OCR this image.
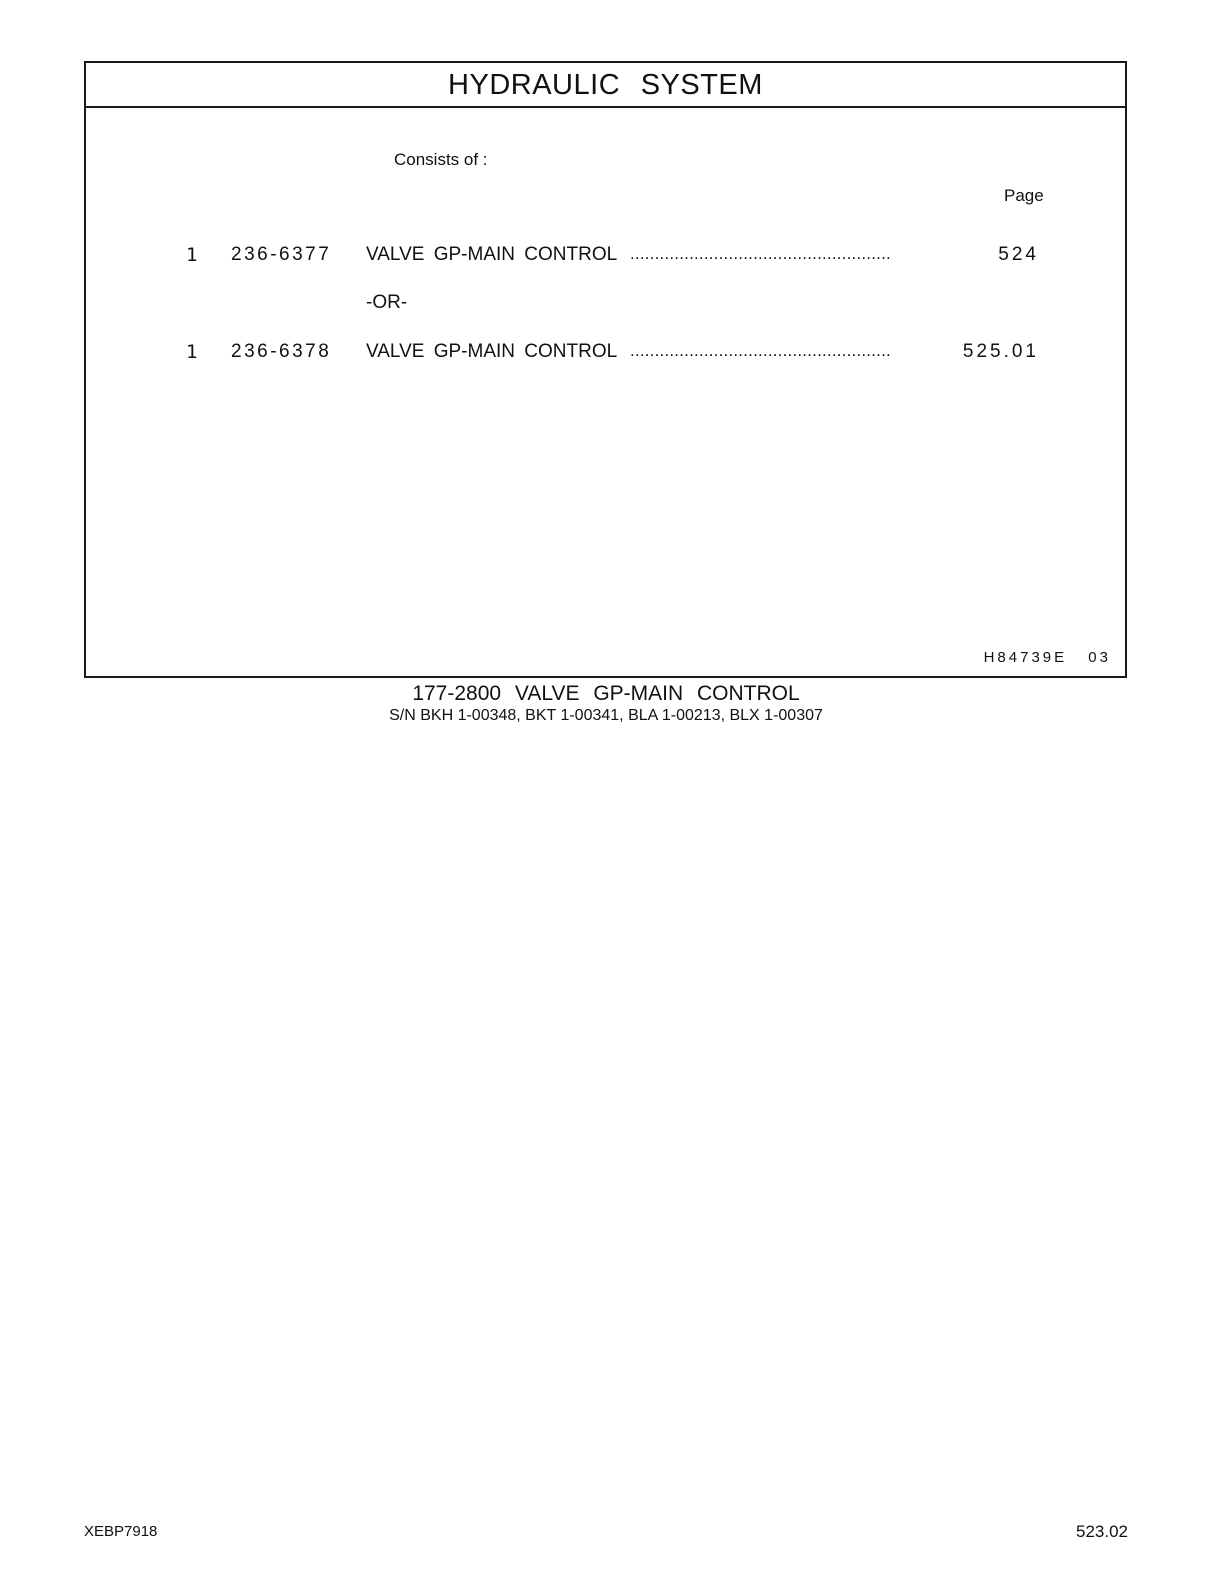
HYDRAULIC SYSTEM
Consists of :
Page
1 236-6377 VALVE GP-MAIN CONTROL .....................................................	524
-OR-
1 236-6378 VALVE GP-MAIN CONTROL .....................................................	525.01
H84739E 03
177-2800 VALVE GP-MAIN CONTROL
S/N BKH 1-00348, BKT 1-00341, BLA 1-00213, BLX 1-00307
XEBP7918	523.02
